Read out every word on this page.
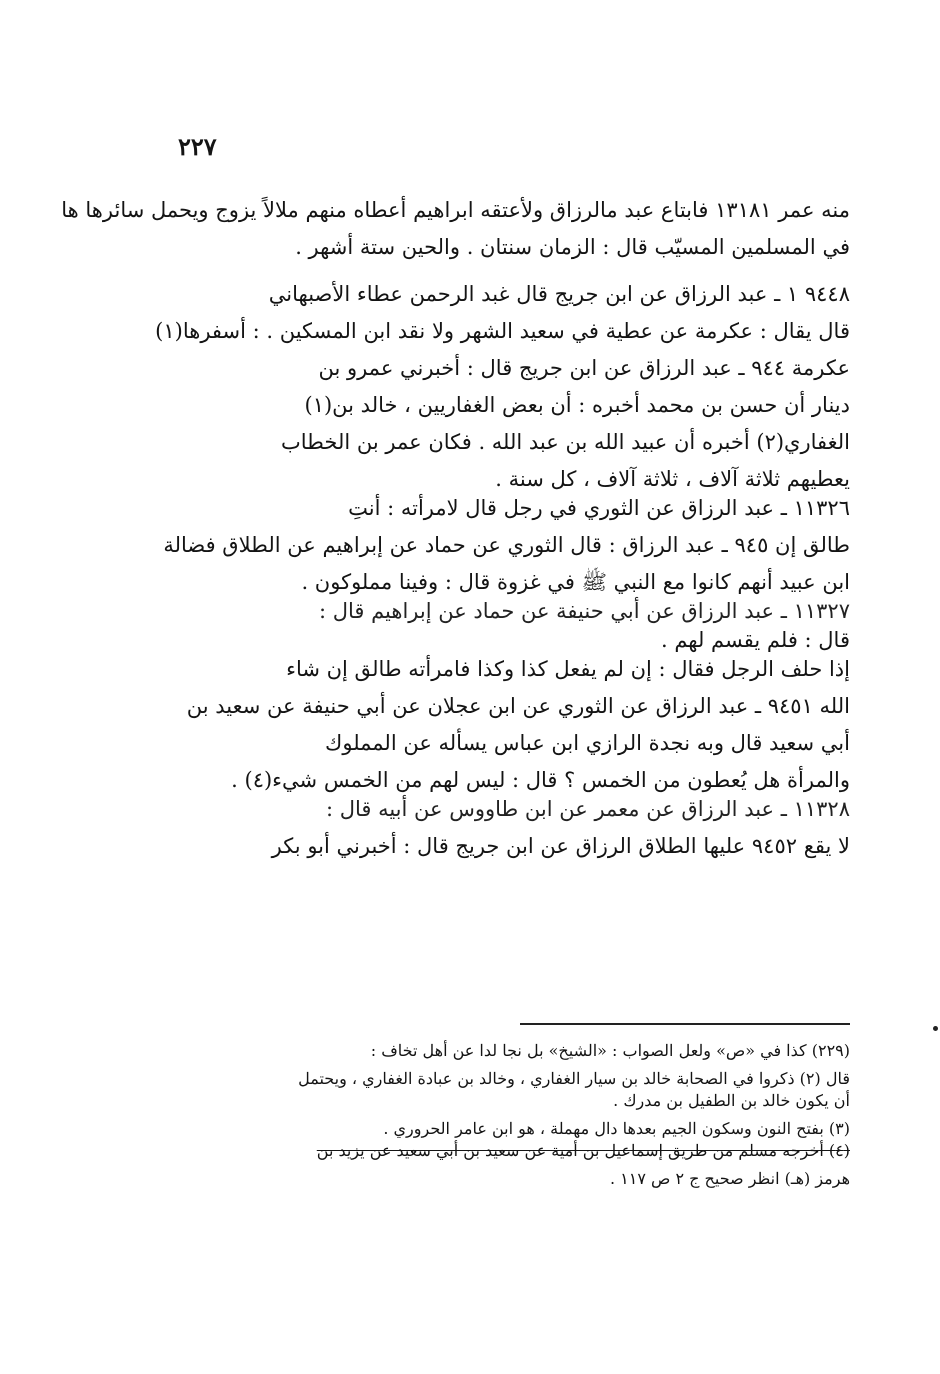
٢٢٧
منه عمر ١٣١٨١ فابتاع عبد مالرزاق ولأعتقه ابراهيم أعطاه منهم ملالاً يزوج ويحمل سائرها ها
في المسلمين المسيّب قال : الزمان سنتان . والحين ستة أشهر .
٩٤٤٨ ١ ـ عبد الرزاق عن ابن جريج قال غبد الرحمن عطاء الأصبهاني
قال يقال : عكرمة عن عطية في سعيد الشهر ولا نقد ابن المسكين . : أسفرها(١)
عكرمة ٩٤٤ ـ عبد الرزاق عن ابن جريج قال : أخبرني عمرو بن
دينار أن حسن بن محمد أخبره : أن بعض الغفاريين ، خالد بن(١)
الغفاري(٢) أخبره أن عبيد الله بن عبد الله . فكان عمر بن الخطاب
يعطيهم ثلاثة آلاف ، ثلاثة آلاف ، كل سنة .
١١٣٢٦ ـ عبد الرزاق عن الثوري في رجل قال لامرأته : أنتِ
طالق إن ٩٤٥ ـ عبد الرزاق : قال الثوري عن حماد عن إبراهيم عن الطلاق فضالة
ابن عبيد أنهم كانوا مع النبي ﷺ في غزوة قال : وفينا مملوكون .
١١٣٢٧ ـ عبد الرزاق عن أبي حنيفة عن حماد عن إبراهيم قال :
قال : فلم يقسم لهم .
إذا حلف الرجل فقال : إن لم يفعل كذا وكذا فامرأته طالق إن شاء
الله ٩٤٥١ ـ عبد الرزاق عن الثوري عن ابن عجلان عن أبي حنيفة عن سعيد بن
أبي سعيد قال وبه نجدة الرازي ابن عباس يسأله عن المملوك
والمرأة هل يُعطون من الخمس ؟ قال : ليس لهم من الخمس شيء(٤) .
١١٣٢٨ ـ عبد الرزاق عن معمر عن ابن طاووس عن أبيه قال :
لا يقع ٩٤٥٢ عليها الطلاق الرزاق عن ابن جريج قال : أخبرني أبو بكر
(٢٢٩) كذا في «ص» ولعل الصواب : «الشيخ» بل نجا لدا عن أهل تخاف :
قال (٢) ذكروا في الصحابة خالد بن سيار الغفاري ، وخالد بن عبادة الغفاري ، ويحتمل
أن يكون خالد بن الطفيل بن مدرك .
(٣) بفتح النون وسكون الجيم بعدها دال مهملة ، هو ابن عامر الحروري .
(٤) أخرجه مسلم من طريق إسماعيل بن أمية عن سعيد بن أبي سعيد عن يزيد بن
هرمز (هـ) انظر صحيح ج ٢ ص ١١٧ .
